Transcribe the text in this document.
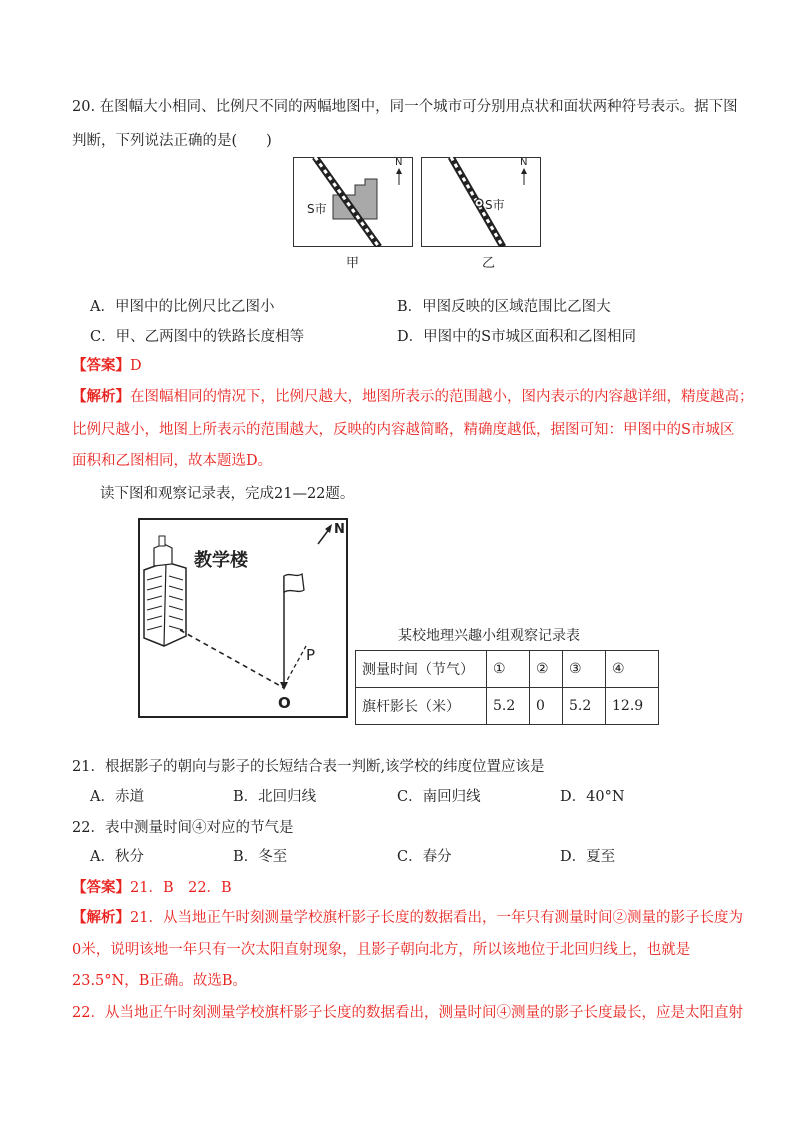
20. 在图幅大小相同、比例尺不同的两幅地图中，同一个城市可分别用点状和面状两种符号表示。据下图
判断，下列说法正确的是(　　)
S市
N
甲
S市
N
乙
A．甲图中的比例尺比乙图小	B．甲图反映的区域范围比乙图大
C．甲、乙两图中的铁路长度相等	D．甲图中的S市城区面积和乙图相同
【答案】D
【解析】在图幅相同的情况下，比例尺越大，地图所表示的范围越小，图内表示的内容越详细，精度越高；
比例尺越小，地图上所表示的范围越大，反映的内容越简略，精确度越低，据图可知：甲图中的S市城区
面积和乙图相同，故本题选D。
读下图和观察记录表，完成21—22题。
教学楼
N
P
O
某校地理兴趣小组观察记录表
测量时间（节气）	①	②	③	④
旗杆影长（米）	5.2	0	5.2	12.9
21．根据影子的朝向与影子的长短结合表一判断,该学校的纬度位置应该是
A．赤道	B．北回归线	C．南回归线	D．40°N
22．表中测量时间④对应的节气是
A．秋分	B．冬至	C．春分	D．夏至
【答案】21．B　22．B
【解析】21．从当地正午时刻测量学校旗杆影子长度的数据看出，一年只有测量时间②测量的影子长度为
0米，说明该地一年只有一次太阳直射现象，且影子朝向北方，所以该地位于北回归线上，也就是
23.5°N，B正确。故选B。
22．从当地正午时刻测量学校旗杆影子长度的数据看出，测量时间④测量的影子长度最长，应是太阳直射
